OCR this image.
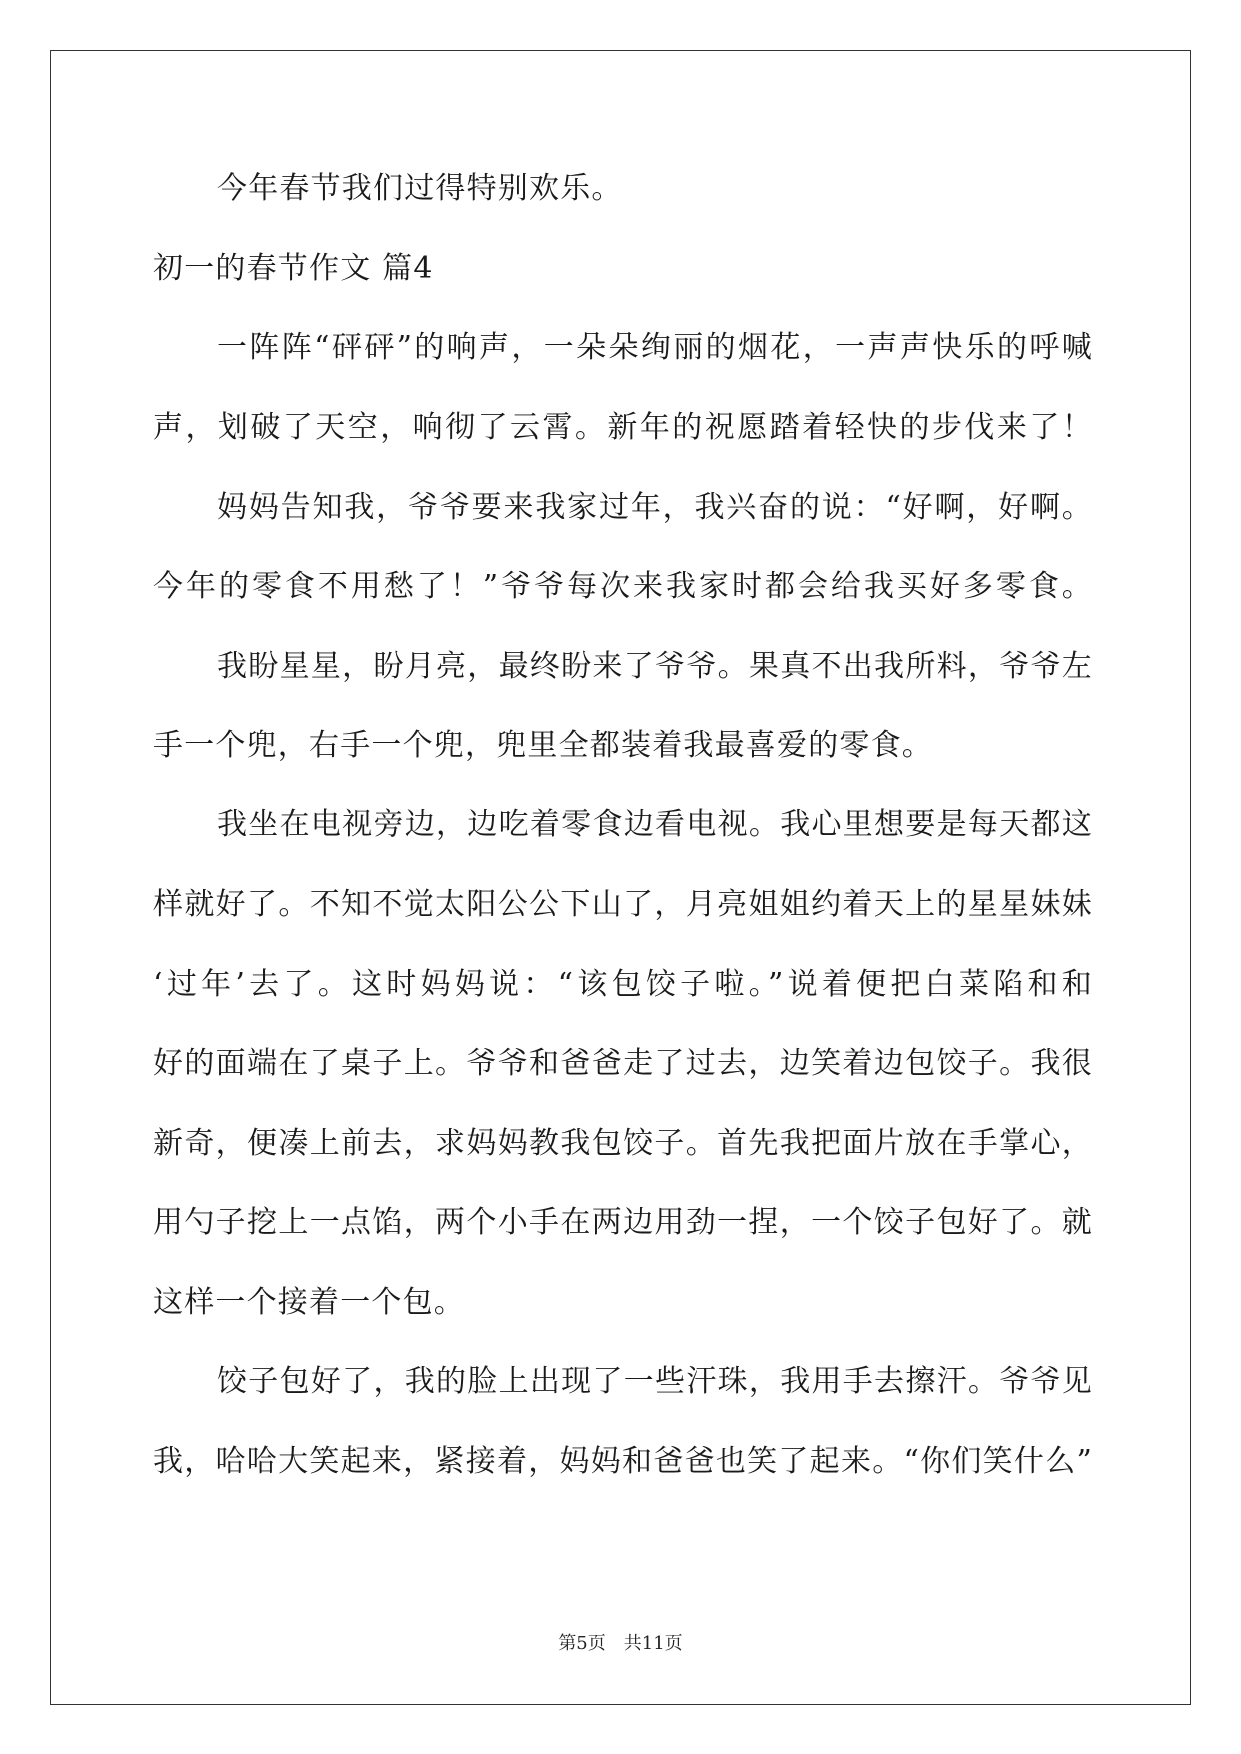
今年春节我们过得特别欢乐。
初一的春节作文 篇4
一阵阵“砰砰”的响声，一朵朵绚丽的烟花，一声声快乐的呼喊
声，划破了天空，响彻了云霄。新年的祝愿踏着轻快的步伐来了！
妈妈告知我，爷爷要来我家过年，我兴奋的说：“好啊，好啊。
今年的零食不用愁了！”爷爷每次来我家时都会给我买好多零食。
我盼星星，盼月亮，最终盼来了爷爷。果真不出我所料，爷爷左
手一个兜，右手一个兜，兜里全都装着我最喜爱的零食。
我坐在电视旁边，边吃着零食边看电视。我心里想要是每天都这
样就好了。不知不觉太阳公公下山了，月亮姐姐约着天上的星星妹妹
‘过年’去了。这时妈妈说：“该包饺子啦。”说着便把白菜陷和和
好的面端在了桌子上。爷爷和爸爸走了过去，边笑着边包饺子。我很
新奇，便凑上前去，求妈妈教我包饺子。首先我把面片放在手掌心，
用勺子挖上一点馅，两个小手在两边用劲一捏，一个饺子包好了。就
这样一个接着一个包。
饺子包好了，我的脸上出现了一些汗珠，我用手去擦汗。爷爷见
我，哈哈大笑起来，紧接着，妈妈和爸爸也笑了起来。“你们笑什么”
第5页　共11页
